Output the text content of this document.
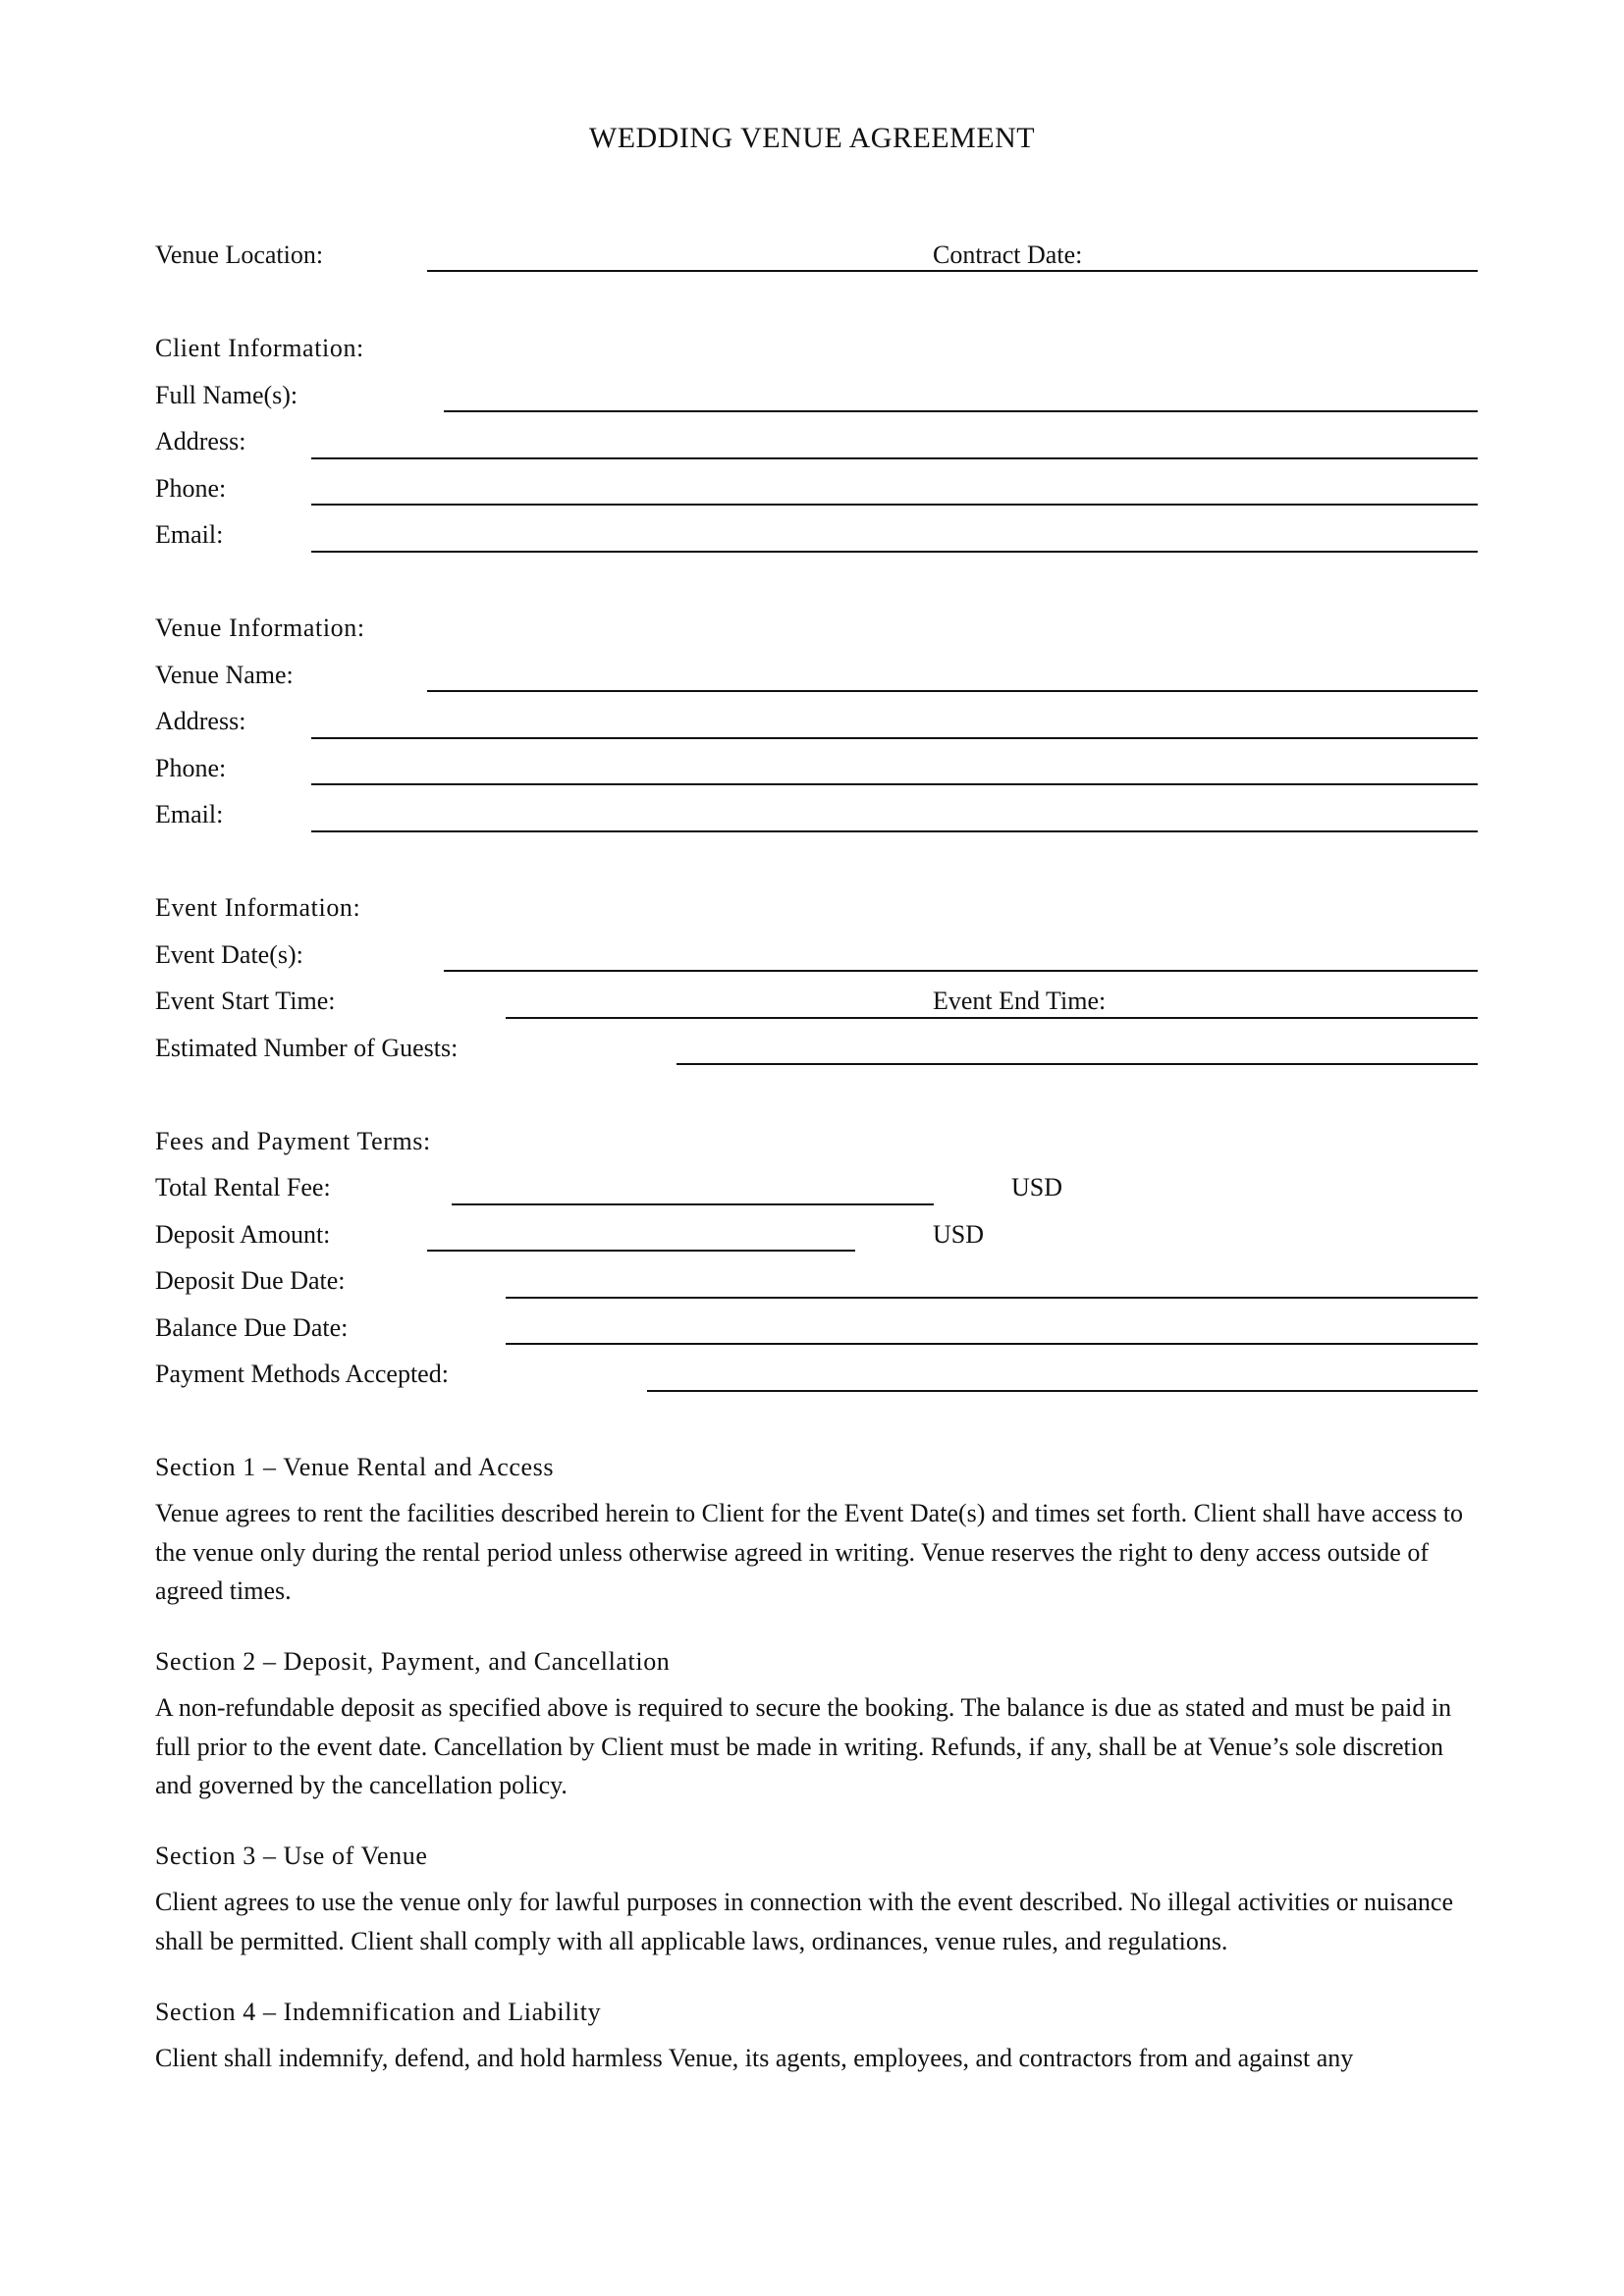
WEDDING VENUE AGREEMENT
Venue Location:	Contract Date:
Client Information:
Full Name(s):
Address:
Phone:
Email:
Venue Information:
Venue Name:
Address:
Phone:
Email:
Event Information:
Event Date(s):
Event Start Time:	Event End Time:
Estimated Number of Guests:
Fees and Payment Terms:
Total Rental Fee:	USD
Deposit Amount:	USD
Deposit Due Date:
Balance Due Date:
Payment Methods Accepted:
Section 1 – Venue Rental and Access
Venue agrees to rent the facilities described herein to Client for the Event Date(s) and times set forth. Client shall have access to the venue only during the rental period unless otherwise agreed in writing. Venue reserves the right to deny access outside of agreed times.
Section 2 – Deposit, Payment, and Cancellation
A non-refundable deposit as specified above is required to secure the booking. The balance is due as stated and must be paid in full prior to the event date. Cancellation by Client must be made in writing. Refunds, if any, shall be at Venue’s sole discretion and governed by the cancellation policy.
Section 3 – Use of Venue
Client agrees to use the venue only for lawful purposes in connection with the event described. No illegal activities or nuisance shall be permitted. Client shall comply with all applicable laws, ordinances, venue rules, and regulations.
Section 4 – Indemnification and Liability
Client shall indemnify, defend, and hold harmless Venue, its agents, employees, and contractors from and against any
